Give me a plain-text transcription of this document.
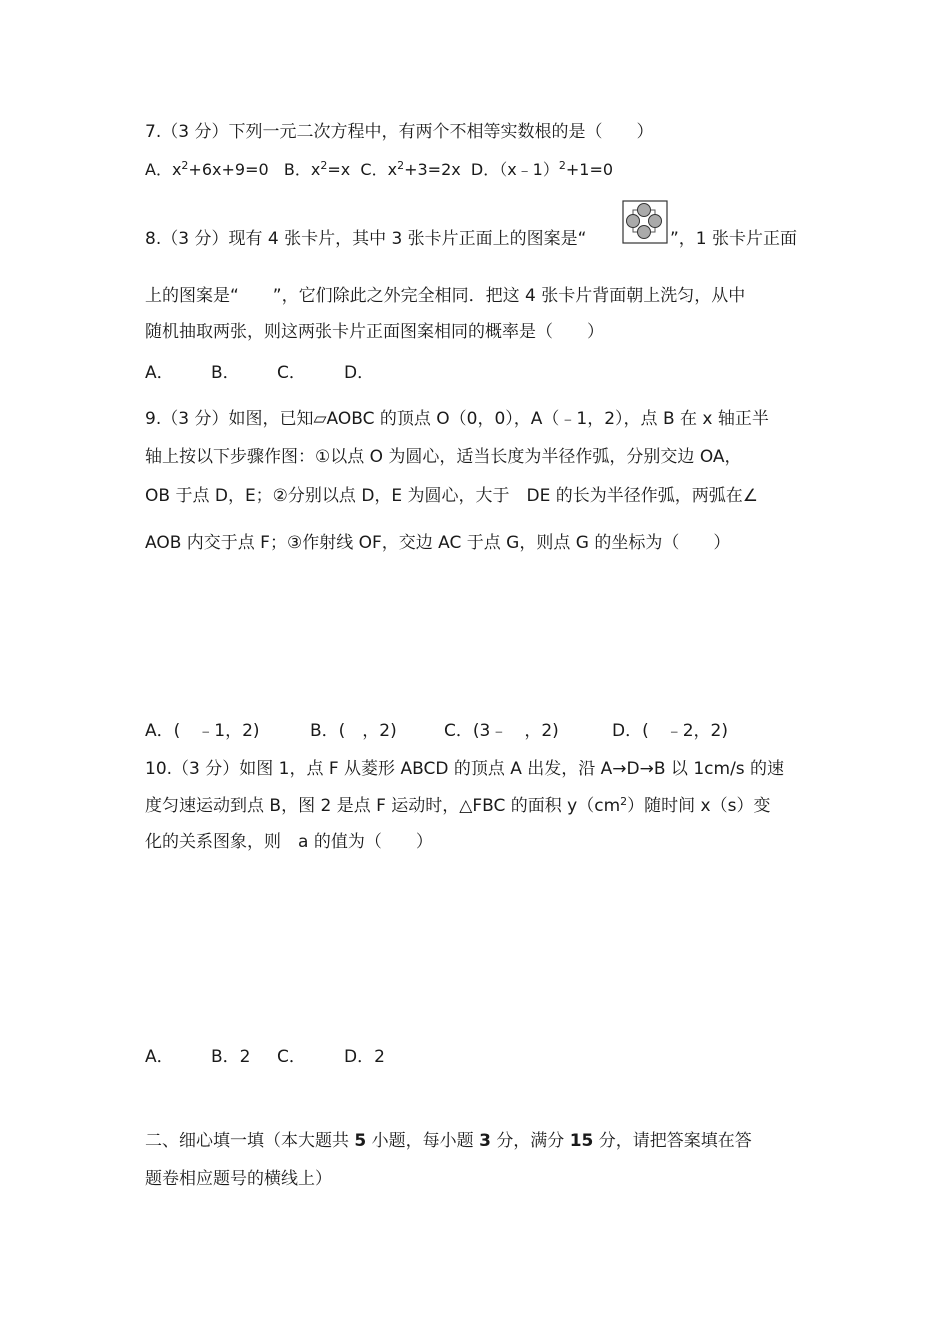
7.（3 分）下列一元二次方程中，有两个不相等实数根的是（　　）
A．$x^2+6x+9=0$ B．$x^2=x$ C．$x^2+3=2x$ D．（x﹣1）$^2$+1=0
8.（3 分）现有 4 张卡片，其中 3 张卡片正面上的图案是“	”，1 张卡片正面
上的图案是“　　”，它们除此之外完全相同．把这 4 张卡片背面朝上洗匀，从中
随机抽取两张，则这两张卡片正面图案相同的概率是（　　）
A． B． C． D．
9.（3 分）如图，已知▱AOBC 的顶点 O（0，0），A（﹣1，2），点 B 在 x 轴正半
轴上按以下步骤作图：①以点 O 为圆心，适当长度为半径作弧，分别交边 OA，
OB 于点 D，E；②分别以点 D，E 为圆心，大于　DE 的长为半径作弧，两弧在∠
AOB 内交于点 F；③作射线 OF，交边 AC 于点 G，则点 G 的坐标为（　　）
A．(　﹣1，2)	B．(　，2)	C．(3﹣　，2)	D．(　﹣2，2)
10.（3 分）如图 1，点 F 从菱形 ABCD 的顶点 A 出发，沿 A→D→B 以 1cm/s 的速
度匀速运动到点 B，图 2 是点 F 运动时，△FBC 的面积 $y(cm^2)$随时间 x（s）变
化的关系图象，则　a 的值为（　　）
A． B．2 C． D．2
二、细心填一填（本大题共 5 小题，每小题 3 分，满分 15 分，请把答案填在答
题卷相应题号的横线上）
